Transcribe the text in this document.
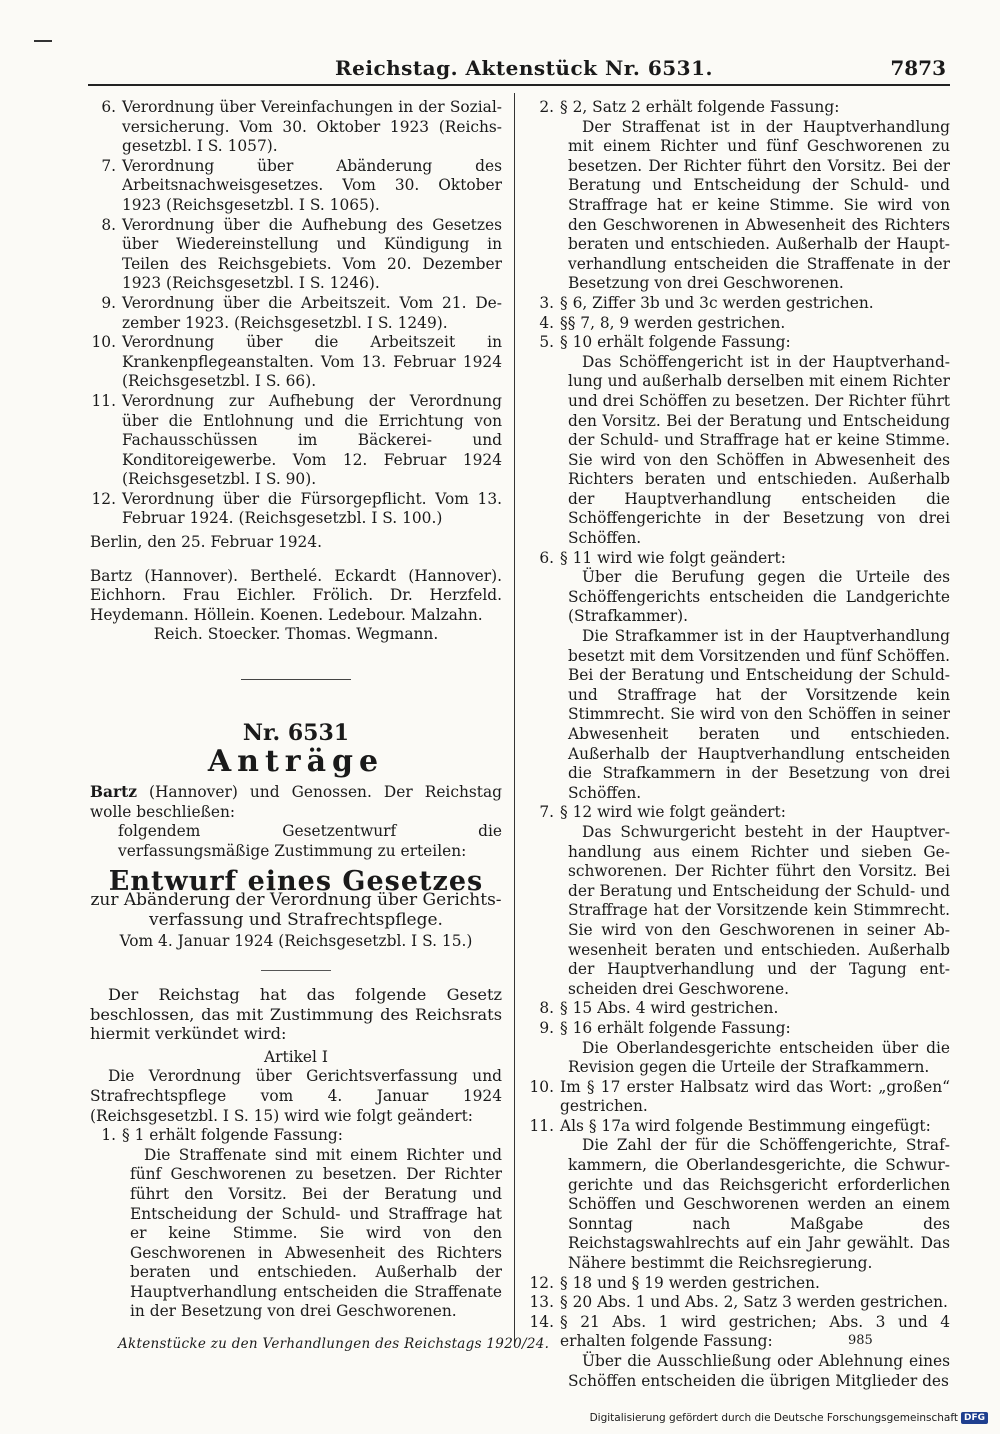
Reichstag. Aktenstück Nr. 6531.	7873
6. Verordnung über Vereinfachungen in der Sozialversicherung. Vom 30. Oktober 1923 (Reichsgesetzbl. I S. 1057).
7. Verordnung über Abänderung des Arbeitsnachweisgesetzes. Vom 30. Oktober 1923 (Reichsgesetzbl. I S. 1065).
8. Verordnung über die Aufhebung des Gesetzes über Wiedereinstellung und Kündigung in Teilen des Reichsgebiets. Vom 20. Dezember 1923 (Reichsgesetzbl. I S. 1246).
9. Verordnung über die Arbeitszeit. Vom 21. Dezember 1923. (Reichsgesetzbl. I S. 1249).
10. Verordnung über die Arbeitszeit in Krankenpflegeanstalten. Vom 13. Februar 1924 (Reichsgesetzbl. I S. 66).
11. Verordnung zur Aufhebung der Verordnung über die Entlohnung und die Errichtung von Fachausschüssen im Bäckerei- und Konditoreigewerbe. Vom 12. Februar 1924 (Reichsgesetzbl. I S. 90).
12. Verordnung über die Fürsorgepflicht. Vom 13. Februar 1924. (Reichsgesetzbl. I S. 100.)
Berlin, den 25. Februar 1924.
Bartz (Hannover). Berthelé. Eckardt (Hannover). Eichhorn. Frau Eichler. Frölich. Dr. Herzfeld. Heydemann. Höllein. Koenen. Ledebour. Malzahn.
Reich. Stoecker. Thomas. Wegmann.
Nr. 6531
Anträge
Bartz (Hannover) und Genossen. Der Reichstag wolle beschließen:
folgendem Gesetzentwurf die verfassungsmäßige Zustimmung zu erteilen:
Entwurf eines Gesetzes
zur Abänderung der Verordnung über Gerichtsverfassung und Strafrechtspflege.
Vom 4. Januar 1924 (Reichsgesetzbl. I S. 15.)
Der Reichstag hat das folgende Gesetz beschlossen, das mit Zustimmung des Reichsrats hiermit verkündet wird:
Artikel I
Die Verordnung über Gerichtsverfassung und Strafrechtspflege vom 4. Januar 1924 (Reichsgesetzbl. I S. 15) wird wie folgt geändert:
1. § 1 erhält folgende Fassung:

Die Straffenate sind mit einem Richter und fünf Geschworenen zu besetzen. Der Richter führt den Vorsitz. Bei der Beratung und Entscheidung der Schuld- und Straffrage hat er keine Stimme. Sie wird von den Geschworenen in Abwesenheit des Richters beraten und entschieden. Außerhalb der Hauptverhandlung entscheiden die Straffenate in der Besetzung von drei Geschworenen.

2. § 2, Satz 2 erhält folgende Fassung:

Der Straffenat ist in der Hauptverhandlung mit einem Richter und fünf Geschworenen zu besetzen. Der Richter führt den Vorsitz. Bei der Beratung und Entscheidung der Schuld- und Straffrage hat er keine Stimme. Sie wird von den Geschworenen in Abwesenheit des Richters beraten und entschieden. Außerhalb der Hauptverhandlung entscheiden die Straffenate in der Besetzung von drei Geschworenen.

3. § 6, Ziffer 3b und 3c werden gestrichen.
4. §§ 7, 8, 9 werden gestrichen.
5. § 10 erhält folgende Fassung:

Das Schöffengericht ist in der Hauptverhandlung und außerhalb derselben mit einem Richter und drei Schöffen zu besetzen. Der Richter führt den Vorsitz. Bei der Beratung und Entscheidung der Schuld- und Straffrage hat er keine Stimme. Sie wird von den Schöffen in Abwesenheit des Richters beraten und entschieden. Außerhalb der Hauptverhandlung entscheiden die Schöffengerichte in der Besetzung von drei Schöffen.

6. § 11 wird wie folgt geändert:

Über die Berufung gegen die Urteile des Schöffengerichts entscheiden die Landgerichte (Strafkammer).

Die Strafkammer ist in der Hauptverhandlung besetzt mit dem Vorsitzenden und fünf Schöffen. Bei der Beratung und Entscheidung der Schuld- und Straffrage hat der Vorsitzende kein Stimmrecht. Sie wird von den Schöffen in seiner Abwesenheit beraten und entschieden. Außerhalb der Hauptverhandlung entscheiden die Strafkammern in der Besetzung von drei Schöffen.

7. § 12 wird wie folgt geändert:

Das Schwurgericht besteht in der Hauptverhandlung aus einem Richter und sieben Geschworenen. Der Richter führt den Vorsitz. Bei der Beratung und Entscheidung der Schuld- und Straffrage hat der Vorsitzende kein Stimmrecht. Sie wird von den Geschworenen in seiner Abwesenheit beraten und entschieden. Außerhalb der Hauptverhandlung und der Tagung entscheiden drei Geschworene.

8. § 15 Abs. 4 wird gestrichen.
9. § 16 erhält folgende Fassung:

Die Oberlandesgerichte entscheiden über die Revision gegen die Urteile der Strafkammern.

10. Im § 17 erster Halbsatz wird das Wort: „großen“ gestrichen.
11. Als § 17a wird folgende Bestimmung eingefügt:

Die Zahl der für die Schöffengerichte, Strafkammern, die Oberlandesgerichte, die Schwurgerichte und das Reichsgericht erforderlichen Schöffen und Geschworenen werden an einem Sonntag nach Maßgabe des Reichstagswahlrechts auf ein Jahr gewählt. Das Nähere bestimmt die Reichsregierung.

12. § 18 und § 19 werden gestrichen.
13. § 20 Abs. 1 und Abs. 2, Satz 3 werden gestrichen.
14. § 21 Abs. 1 wird gestrichen; Abs. 3 und 4 erhalten folgende Fassung:

Über die Ausschließung oder Ablehnung eines Schöffen entscheiden die übrigen Mitglieder des

Aktenstücke zu den Verhandlungen des Reichstags 1920/24.	985
Digitalisierung gefördert durch die Deutsche Forschungsgemeinschaft DFG
